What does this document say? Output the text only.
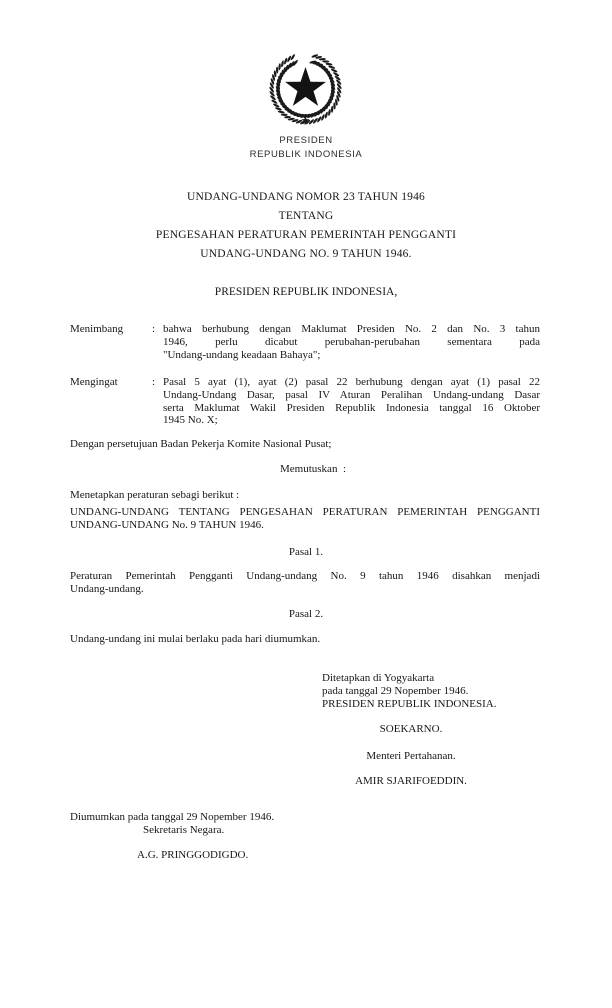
PRESIDEN
REPUBLIK INDONESIA
UNDANG-UNDANG NOMOR 23 TAHUN 1946
TENTANG
PENGESAHAN PERATURAN PEMERINTAH PENGGANTI
UNDANG-UNDANG NO. 9 TAHUN 1946.
PRESIDEN REPUBLIK INDONESIA,
Menimbang	: bahwa berhubung dengan Maklumat Presiden No. 2 dan No. 3 tahun
1946, perlu dicabut perubahan-perubahan sementara pada
"Undang-undang keadaan Bahaya";
Mengingat	: Pasal 5 ayat (1), ayat (2) pasal 22 berhubung dengan ayat (1) pasal 22
Undang-Undang Dasar, pasal IV Aturan Peralihan Undang-undang Dasar
serta Maklumat Wakil Presiden Republik Indonesia tanggal 16 Oktober
1945 No. X;
Dengan persetujuan Badan Pekerja Komite Nasional Pusat;
Memutuskan  :
Menetapkan peraturan sebagi berikut :
UNDANG-UNDANG TENTANG PENGESAHAN PERATURAN PEMERINTAH PENGGANTI
UNDANG-UNDANG No. 9 TAHUN 1946.
Pasal 1.
Peraturan Pemerintah Pengganti Undang-undang No. 9 tahun 1946 disahkan menjadi
Undang-undang.
Pasal 2.
Undang-undang ini mulai berlaku pada hari diumumkan.
Ditetapkan di Yogyakarta
pada tanggal 29 Nopember 1946.
PRESIDEN REPUBLIK INDONESIA.
SOEKARNO.
Menteri Pertahanan.
AMIR SJARIFOEDDIN.
Diumumkan pada tanggal 29 Nopember 1946.
Sekretaris Negara.
A.G. PRINGGODIGDO.
